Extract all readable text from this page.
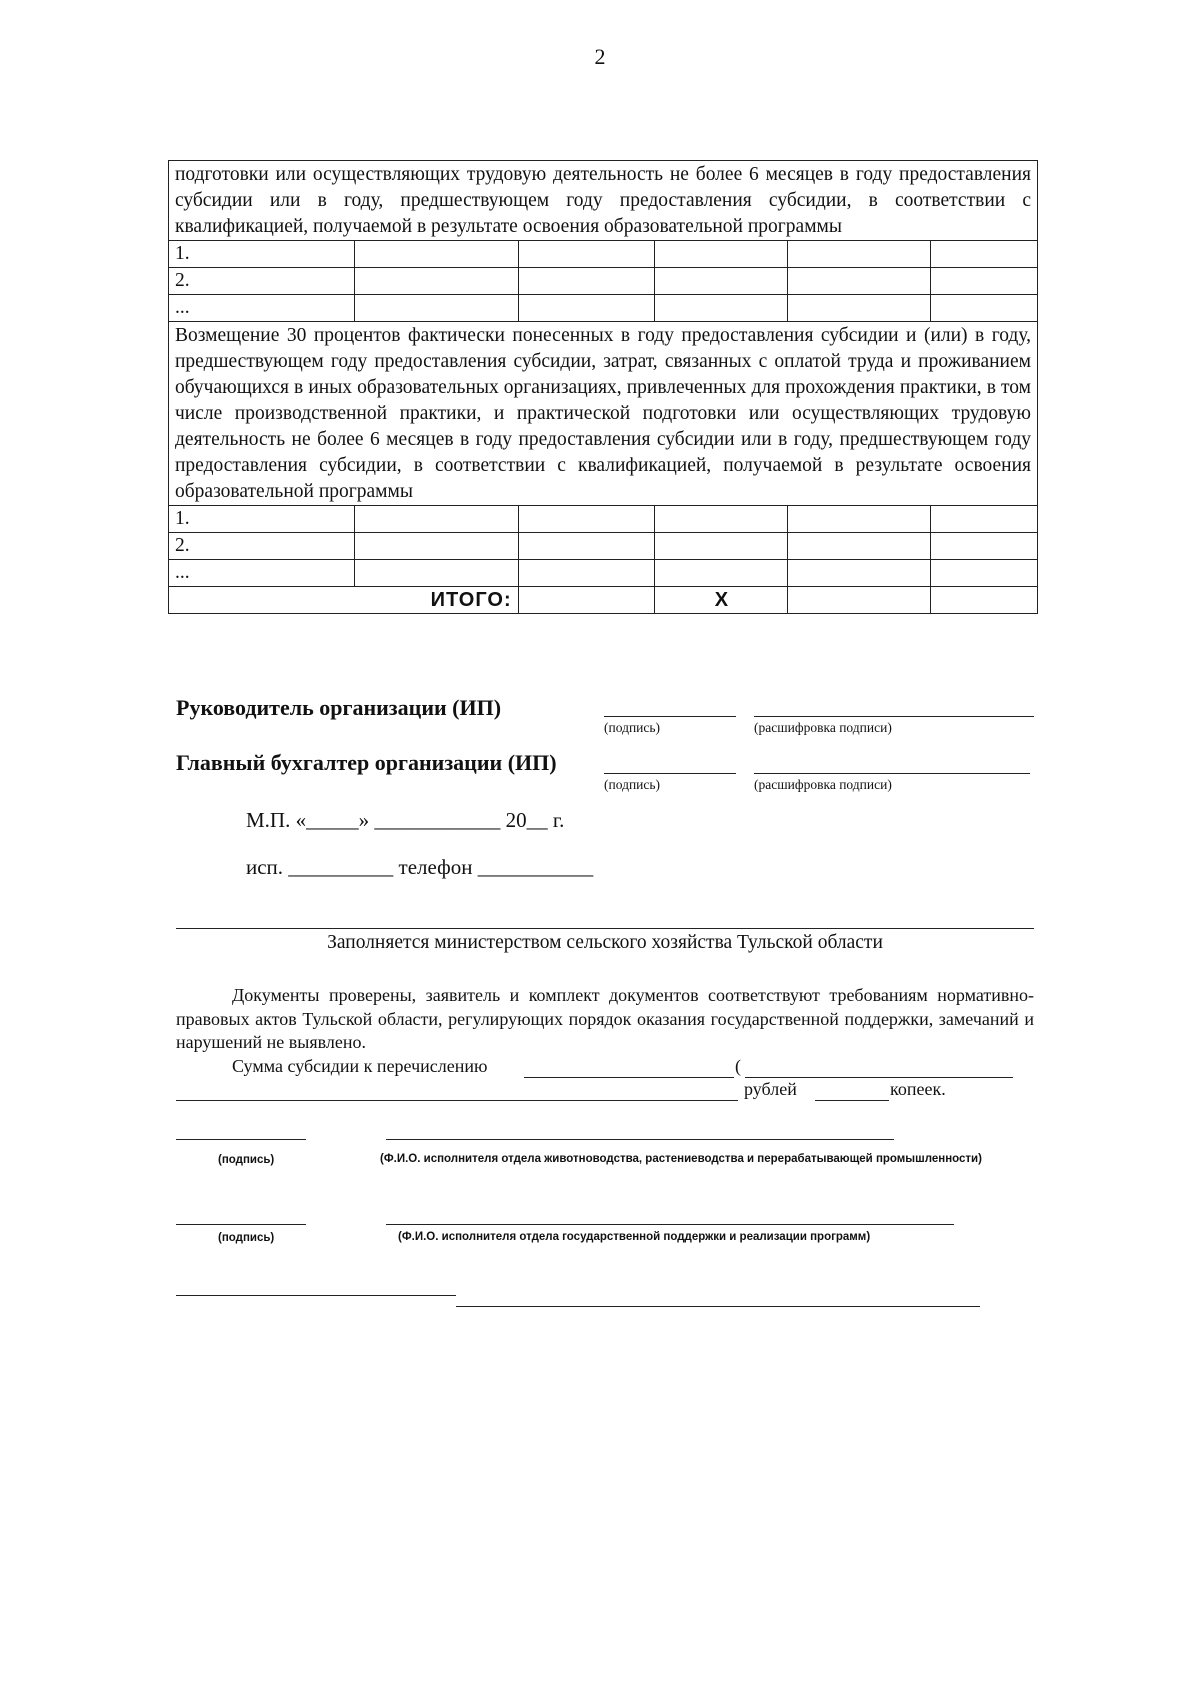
2
подготовки или осуществляющих трудовую деятельность не более 6 месяцев в году предоставления субсидии или в году, предшествующем году предоставления субсидии, в соответствии с квалификацией, получаемой в результате освоения образовательной программы					
1.					
2.					
...					
Возмещение 30 процентов фактически понесенных в году предоставления субсидии и (или) в году, предшествующем году предоставления субсидии, затрат, связанных с оплатой труда и проживанием обучающихся в иных образовательных организациях, привлеченных для прохождения практики, в том числе производственной практики, и практической подготовки или осуществляющих трудовую деятельность не более 6 месяцев в году предоставления субсидии или в году, предшествующем году предоставления субсидии, в соответствии с квалификацией, получаемой в результате освоения образовательной программы					
1.					
2.					
...					
ИТОГО:			Х		
Руководитель организации (ИП)
(подпись)	(расшифровка подписи)
Главный бухгалтер организации (ИП)
(подпись)	(расшифровка подписи)
М.П. «_____» ____________ 20__ г.
исп. __________ телефон ___________
Заполняется министерством сельского хозяйства Тульской области
Документы проверены, заявитель и комплект документов соответствуют требованиям нормативно-правовых актов Тульской области, регулирующих порядок оказания государственной поддержки, замечаний и нарушений не выявлено.
Сумма субсидии к перечислению	(
рублей	копеек.
(подпись)	(Ф.И.О. исполнителя отдела животноводства, растениеводства и перерабатывающей промышленности)
(подпись)	(Ф.И.О. исполнителя отдела государственной поддержки и реализации программ)
